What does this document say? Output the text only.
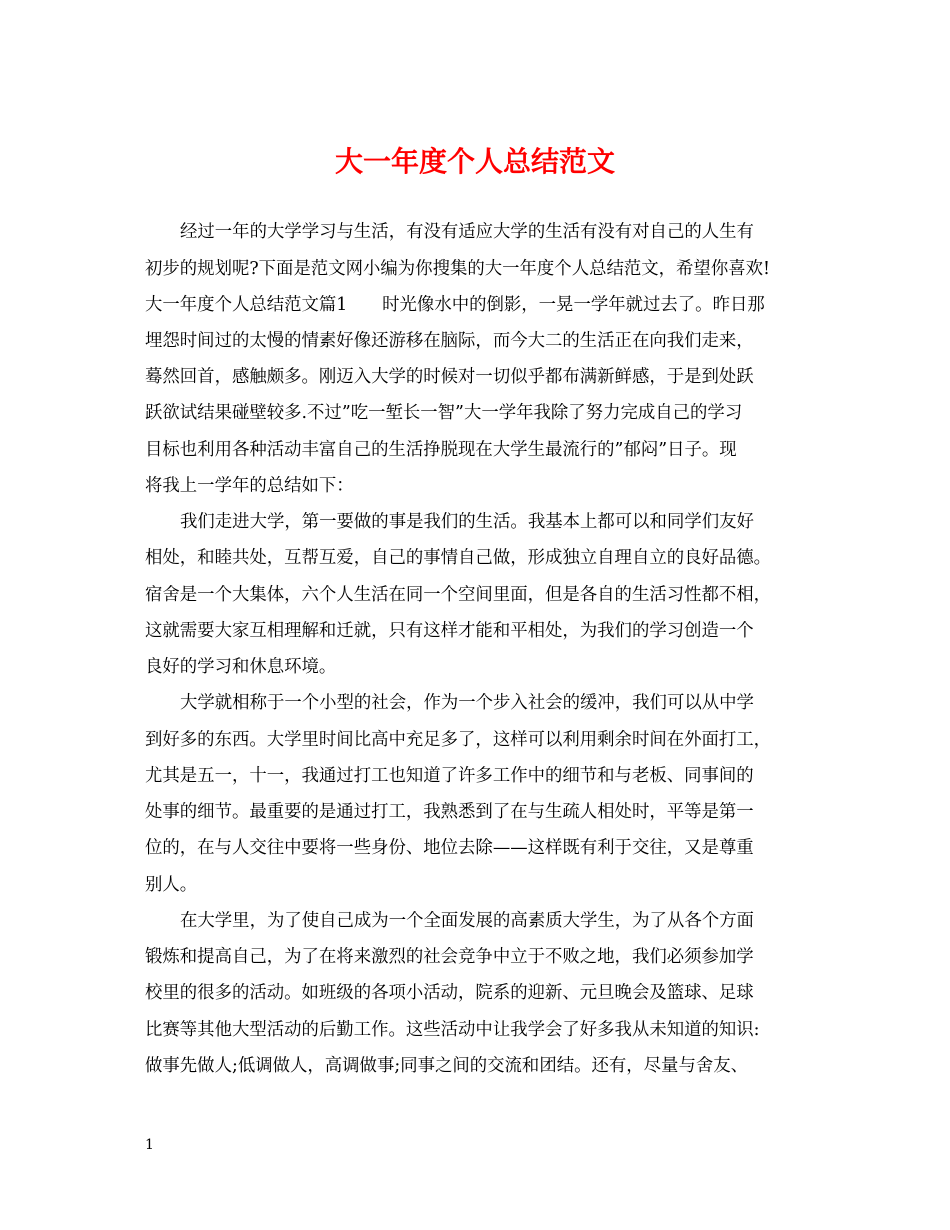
大一年度个人总结范文
经过一年的大学学习与生活，有没有适应大学的生活有没有对自己的人生有
初步的规划呢?下面是范文网小编为你搜集的大一年度个人总结范文，希望你喜欢!
大一年度个人总结范文篇1　　时光像水中的倒影，一晃一学年就过去了。昨日那
埋怨时间过的太慢的情素好像还游移在脑际，而今大二的生活正在向我们走来，
蓦然回首，感触颇多。刚迈入大学的时候对一切似乎都布满新鲜感，于是到处跃
跃欲试结果碰壁较多.不过”吃一堑长一智”大一学年我除了努力完成自己的学习
目标也利用各种活动丰富自己的生活挣脱现在大学生最流行的”郁闷”日子。现
将我上一学年的总结如下：
我们走进大学，第一要做的事是我们的生活。我基本上都可以和同学们友好
相处，和睦共处，互帮互爱，自己的事情自己做，形成独立自理自立的良好品德。
宿舍是一个大集体，六个人生活在同一个空间里面，但是各自的生活习性都不相，
这就需要大家互相理解和迁就，只有这样才能和平相处，为我们的学习创造一个
良好的学习和休息环境。
大学就相称于一个小型的社会，作为一个步入社会的缓冲，我们可以从中学
到好多的东西。大学里时间比高中充足多了，这样可以利用剩余时间在外面打工，
尤其是五一，十一，我通过打工也知道了许多工作中的细节和与老板、同事间的
处事的细节。最重要的是通过打工，我熟悉到了在与生疏人相处时，平等是第一
位的，在与人交往中要将一些身份、地位去除——这样既有利于交往，又是尊重
别人。
在大学里，为了使自己成为一个全面发展的高素质大学生，为了从各个方面
锻炼和提高自己，为了在将来激烈的社会竞争中立于不败之地，我们必须参加学
校里的很多的活动。如班级的各项小活动，院系的迎新、元旦晚会及篮球、足球
比赛等其他大型活动的后勤工作。这些活动中让我学会了好多我从未知道的知识:
做事先做人;低调做人，高调做事;同事之间的交流和团结。还有，尽量与舍友、
1
